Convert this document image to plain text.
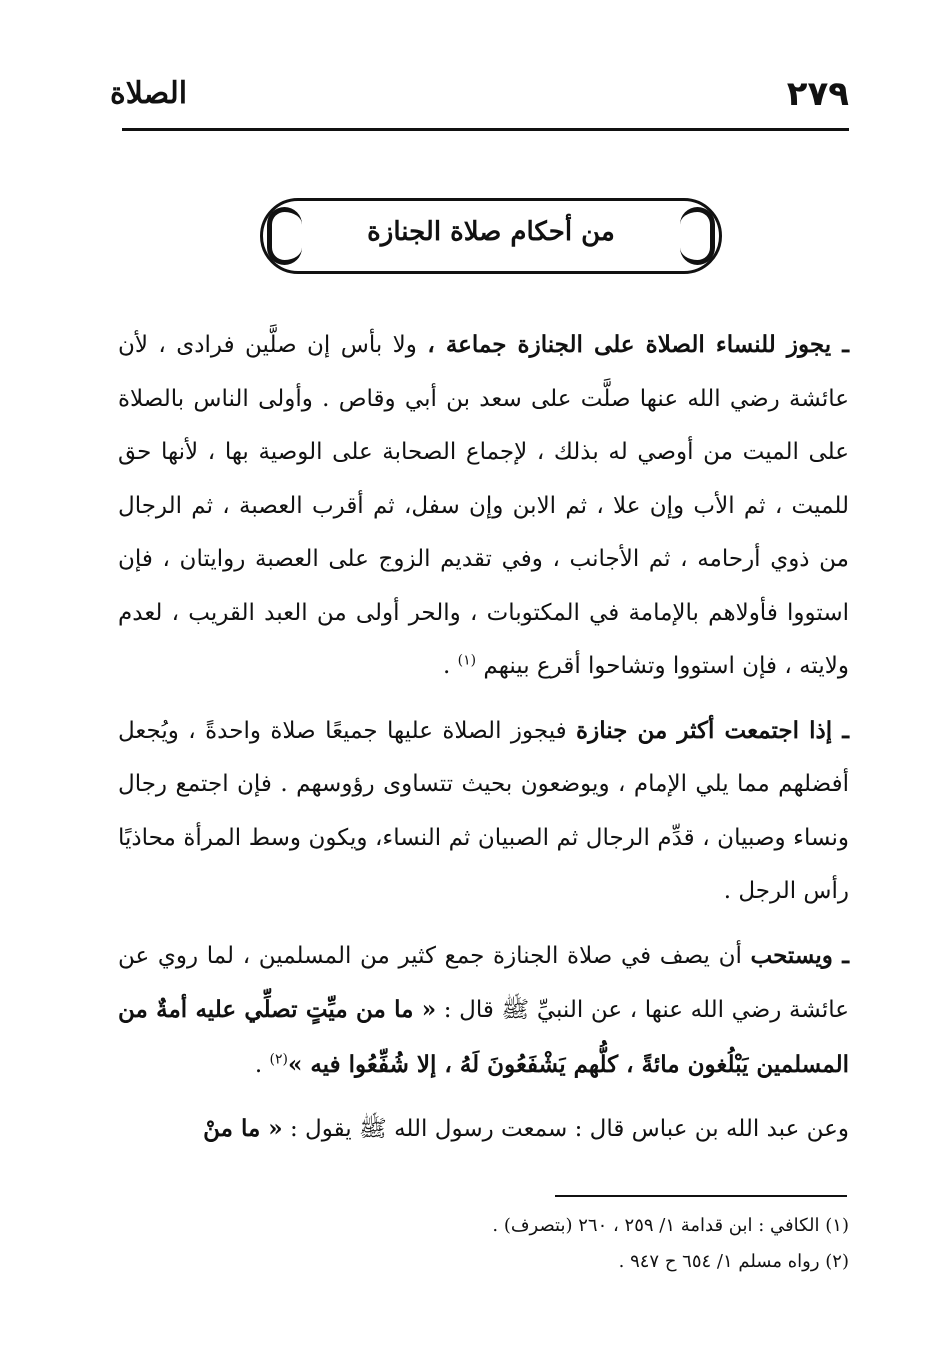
٢٧٩
الصلاة
من أحكام صلاة الجنازة

ـ يجوز للنساء الصلاة على الجنازة جماعة ، ولا بأس إن صلَّين فرادى ، لأن عائشة رضي الله عنها صلَّت على سعد بن أبي وقاص . وأولى الناس بالصلاة على الميت من أوصي له بذلك ، لإجماع الصحابة على الوصية بها ، لأنها حق للميت ، ثم الأب وإن علا ، ثم الابن وإن سفل، ثم أقرب العصبة ، ثم الرجال من ذوي أرحامه ، ثم الأجانب ، وفي تقديم الزوج على العصبة روايتان ، فإن استووا فأولاهم بالإمامة في المكتوبات ، والحر أولى من العبد القريب ، لعدم ولايته ، فإن استووا وتشاحوا أقرع بينهم $^{(١)}$ .

ـ إذا اجتمعت أكثر من جنازة فيجوز الصلاة عليها جميعًا صلاة واحدةً ، ويُجعل أفضلهم مما يلي الإمام ، ويوضعون بحيث تتساوى رؤوسهم . فإن اجتمع رجال ونساء وصبيان ، قدِّم الرجال ثم الصبيان ثم النساء، ويكون وسط المرأة محاذيًا رأس الرجل .

ـ ويستحب أن يصف في صلاة الجنازة جمع كثير من المسلمين ، لما روي عن عائشة رضي الله عنها ، عن النبيِّ ﷺ قال : « ما من ميِّتٍ تصلِّي عليه أمةٌ من المسلمين يَبْلُغون مائةً ، كلُّهم يَشْفَعُونَ لَهُ ، إلا شُفِّعُوا فيه »$^{(٢)}$ .

وعن عبد الله بن عباس قال : سمعت رسول الله ﷺ يقول : « ما منْ

(١) الكافي : ابن قدامة ١/ ٢٥٩ ، ٢٦٠ (بتصرف) .

(٢) رواه مسلم ١/ ٦٥٤ ح ٩٤٧ .
